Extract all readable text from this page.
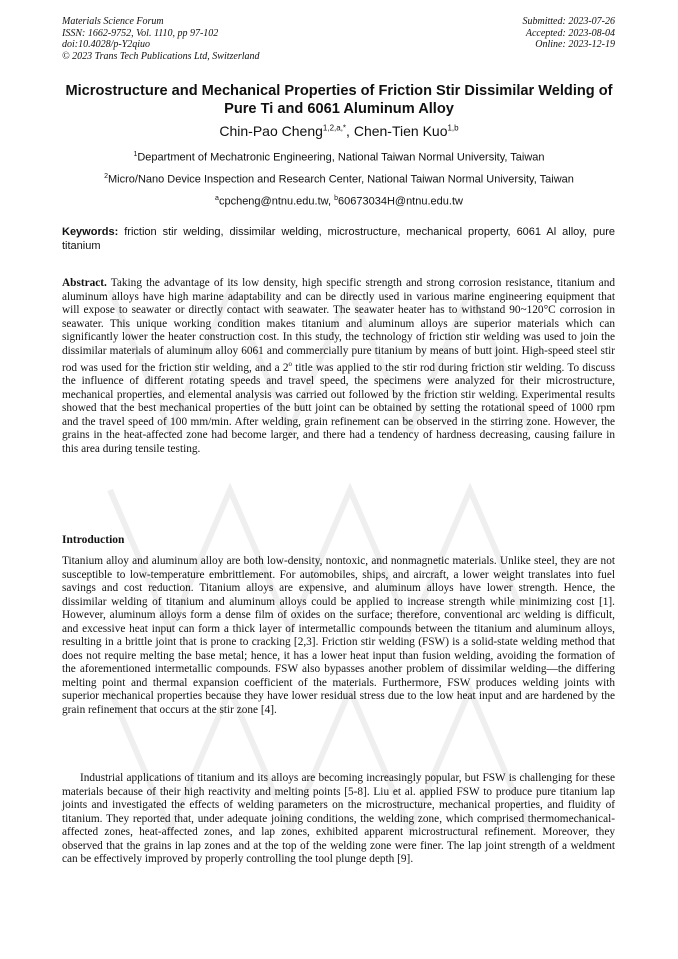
Materials Science Forum
ISSN: 1662-9752, Vol. 1110, pp 97-102
doi:10.4028/p-Y2qiuo
© 2023 Trans Tech Publications Ltd, Switzerland
Submitted: 2023-07-26
Accepted: 2023-08-04
Online: 2023-12-19
Microstructure and Mechanical Properties of Friction Stir Dissimilar Welding of Pure Ti and 6061 Aluminum Alloy
Chin-Pao Cheng$^{1,2,a,*}$, Chen-Tien Kuo$^{1,b}$
$^1$Department of Mechatronic Engineering, National Taiwan Normal University, Taiwan
$^2$Micro/Nano Device Inspection and Research Center, National Taiwan Normal University, Taiwan
$^a$cpcheng@ntnu.edu.tw, $^b$60673034H@ntnu.edu.tw
Keywords: friction stir welding, dissimilar welding, microstructure, mechanical property, 6061 Al alloy, pure titanium
Abstract. Taking the advantage of its low density, high specific strength and strong corrosion resistance, titanium and aluminum alloys have high marine adaptability and can be directly used in various marine engineering equipment that will expose to seawater or directly contact with seawater. The seawater heater has to withstand 90~120°C corrosion in seawater. This unique working condition makes titanium and aluminum alloys are superior materials which can significantly lower the heater construction cost. In this study, the technology of friction stir welding was used to join the dissimilar materials of aluminum alloy 6061 and commercially pure titanium by means of butt joint. High-speed steel stir rod was used for the friction stir welding, and a 2$^o$ title was applied to the stir rod during friction stir welding. To discuss the influence of different rotating speeds and travel speed, the specimens were analyzed for their microstructure, mechanical properties, and elemental analysis was carried out followed by the friction stir welding. Experimental results showed that the best mechanical properties of the butt joint can be obtained by setting the rotational speed of 1000 rpm and the travel speed of 100 mm/min. After welding, grain refinement can be observed in the stirring zone. However, the grains in the heat-affected zone had become larger, and there had a tendency of hardness decreasing, causing failure in this area during tensile testing.
Introduction
Titanium alloy and aluminum alloy are both low-density, nontoxic, and nonmagnetic materials. Unlike steel, they are not susceptible to low-temperature embrittlement. For automobiles, ships, and aircraft, a lower weight translates into fuel savings and cost reduction. Titanium alloys are expensive, and aluminum alloys have lower strength. Hence, the dissimilar welding of titanium and aluminum alloys could be applied to increase strength while minimizing cost [1]. However, aluminum alloys form a dense film of oxides on the surface; therefore, conventional arc welding is difficult, and excessive heat input can form a thick layer of intermetallic compounds between the titanium and aluminum alloys, resulting in a brittle joint that is prone to cracking [2,3]. Friction stir welding (FSW) is a solid-state welding method that does not require melting the base metal; hence, it has a lower heat input than fusion welding, avoiding the formation of the aforementioned intermetallic compounds. FSW also bypasses another problem of dissimilar welding—the differing melting point and thermal expansion coefficient of the materials. Furthermore, FSW produces welding joints with superior mechanical properties because they have lower residual stress due to the low heat input and are hardened by the grain refinement that occurs at the stir zone [4].
Industrial applications of titanium and its alloys are becoming increasingly popular, but FSW is challenging for these materials because of their high reactivity and melting points [5-8]. Liu et al. applied FSW to produce pure titanium lap joints and investigated the effects of welding parameters on the microstructure, mechanical properties, and fluidity of titanium. They reported that, under adequate joining conditions, the welding zone, which comprised thermomechanical-affected zones, heat-affected zones, and lap zones, exhibited apparent microstructural refinement. Moreover, they observed that the grains in lap zones and at the top of the welding zone were finer. The lap joint strength of a weldment can be effectively improved by properly controlling the tool plunge depth [9].
